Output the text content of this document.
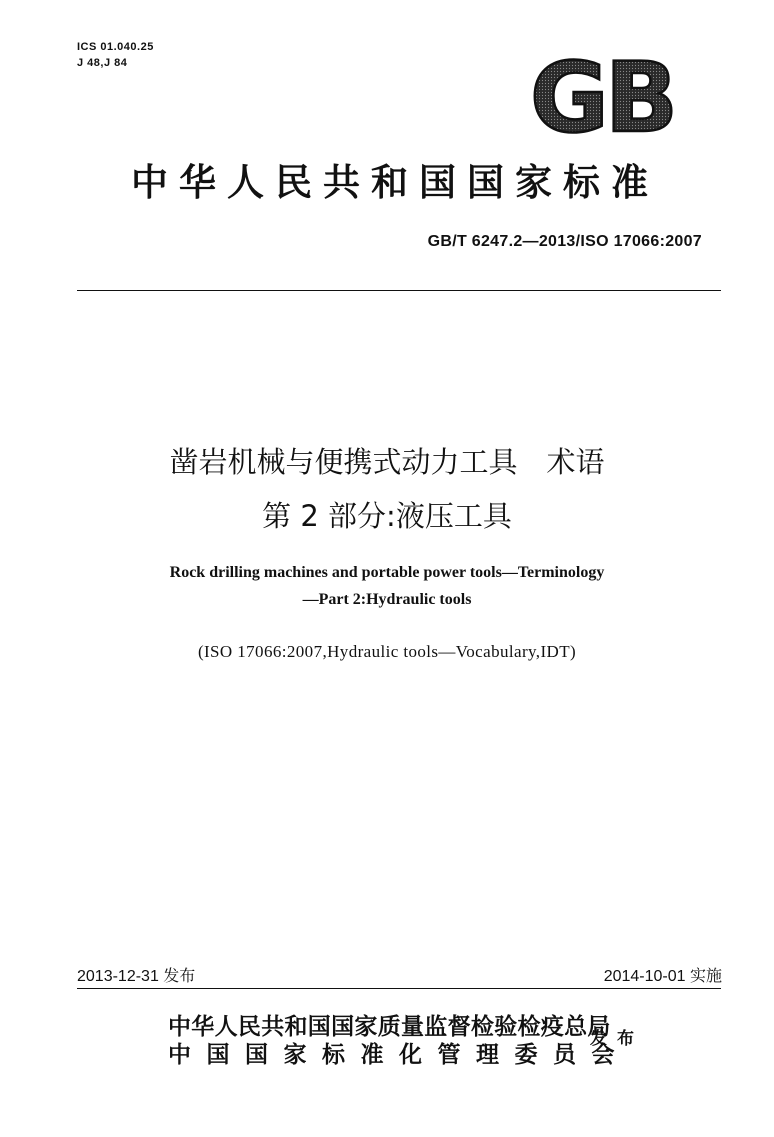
ICS 01.040.25
J 48,J 84	GB
中华人民共和国国家标准
GB/T 6247.2—2013/ISO 17066:2007
凿岩机械与便携式动力工具　术语
第 2 部分:液压工具
Rock drilling machines and portable power tools—Terminology
—Part 2:Hydraulic tools
(ISO 17066:2007,Hydraulic tools—Vocabulary,IDT)
2013-12-31 发布	2014-10-01 实施
中华人民共和国国家质量监督检验检疫总局
中国国家标准化管理委员会
发布
